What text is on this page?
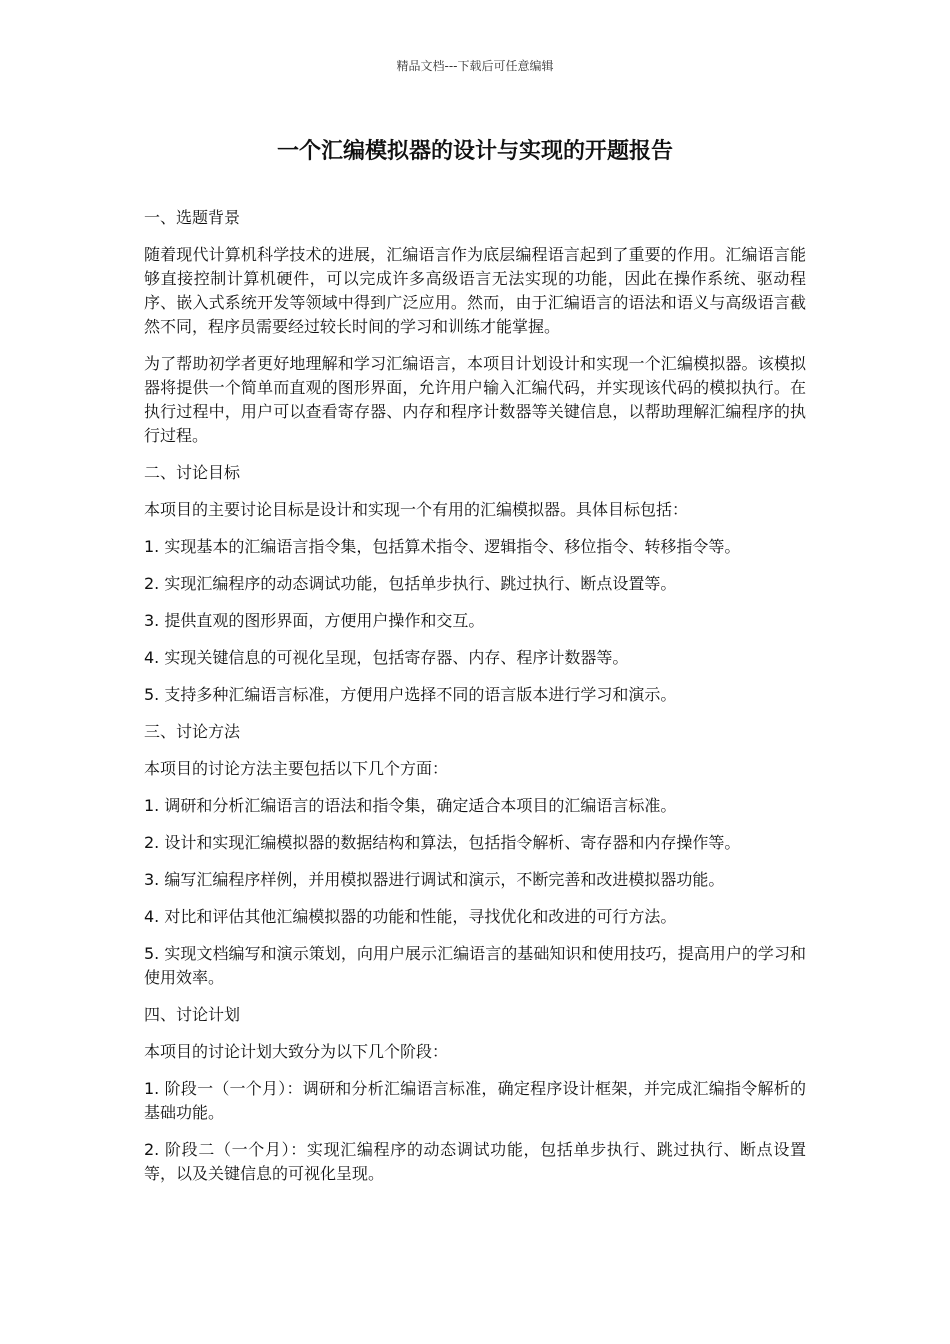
精品文档---下载后可任意编辑
一个汇编模拟器的设计与实现的开题报告

一、选题背景

随着现代计算机科学技术的进展，汇编语言作为底层编程语言起到了重要的作用。汇编语言能够直接控制计算机硬件，可以完成许多高级语言无法实现的功能，因此在操作系统、驱动程序、嵌入式系统开发等领域中得到广泛应用。然而，由于汇编语言的语法和语义与高级语言截然不同，程序员需要经过较长时间的学习和训练才能掌握。

为了帮助初学者更好地理解和学习汇编语言，本项目计划设计和实现一个汇编模拟器。该模拟器将提供一个简单而直观的图形界面，允许用户输入汇编代码，并实现该代码的模拟执行。在执行过程中，用户可以查看寄存器、内存和程序计数器等关键信息，以帮助理解汇编程序的执行过程。

二、讨论目标

本项目的主要讨论目标是设计和实现一个有用的汇编模拟器。具体目标包括：

1. 实现基本的汇编语言指令集，包括算术指令、逻辑指令、移位指令、转移指令等。

2. 实现汇编程序的动态调试功能，包括单步执行、跳过执行、断点设置等。

3. 提供直观的图形界面，方便用户操作和交互。

4. 实现关键信息的可视化呈现，包括寄存器、内存、程序计数器等。

5. 支持多种汇编语言标准，方便用户选择不同的语言版本进行学习和演示。

三、讨论方法

本项目的讨论方法主要包括以下几个方面：

1. 调研和分析汇编语言的语法和指令集，确定适合本项目的汇编语言标准。

2. 设计和实现汇编模拟器的数据结构和算法，包括指令解析、寄存器和内存操作等。

3. 编写汇编程序样例，并用模拟器进行调试和演示，不断完善和改进模拟器功能。

4. 对比和评估其他汇编模拟器的功能和性能，寻找优化和改进的可行方法。

5. 实现文档编写和演示策划，向用户展示汇编语言的基础知识和使用技巧，提高用户的学习和使用效率。

四、讨论计划

本项目的讨论计划大致分为以下几个阶段：

1. 阶段一（一个月）：调研和分析汇编语言标准，确定程序设计框架，并完成汇编指令解析的基础功能。

2. 阶段二（一个月）：实现汇编程序的动态调试功能，包括单步执行、跳过执行、断点设置等，以及关键信息的可视化呈现。
